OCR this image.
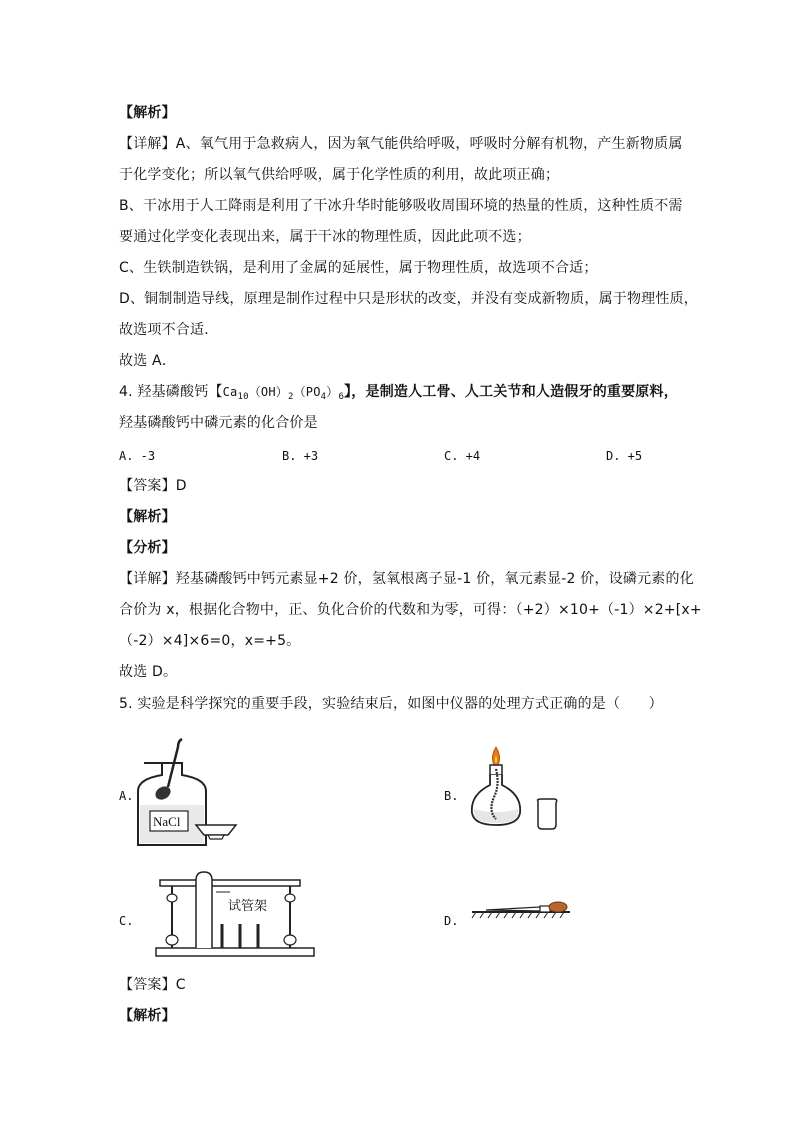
【解析】
【详解】A、氧气用于急救病人，因为氧气能供给呼吸，呼吸时分解有机物，产生新物质属
于化学变化；所以氧气供给呼吸，属于化学性质的利用，故此项正确；
B、干冰用于人工降雨是利用了干冰升华时能够吸收周围环境的热量的性质，这种性质不需
要通过化学变化表现出来，属于干冰的物理性质，因此此项不选；
C、生铁制造铁锅，是利用了金属的延展性，属于物理性质，故选项不合适；
D、铜制制造导线，原理是制作过程中只是形状的改变，并没有变成新物质，属于物理性质，
故选项不合适．
故选 A．
4. 羟基磷酸钙【$Ca_{10}(OH)_2(PO_4)_6$】，是制造人工骨、人工关节和人造假牙的重要原料，
羟基磷酸钙中磷元素的化合价是
A. -3	B. +3	C. +4	D. +5
【答案】D
【解析】
【分析】
【详解】羟基磷酸钙中钙元素显+2 价，氢氧根离子显-1 价，氧元素显-2 价，设磷元素的化
合价为 x，根据化合物中，正、负化合价的代数和为零，可得：（+2）×10+（-1）×2+[x+
（-2）×4]×6=0，x=+5。
故选 D。
5. 实验是科学探究的重要手段，实验结束后，如图中仪器的处理方式正确的是（　　）
A.
NaCl
B.
C.
试管架
D.
【答案】C
【解析】
